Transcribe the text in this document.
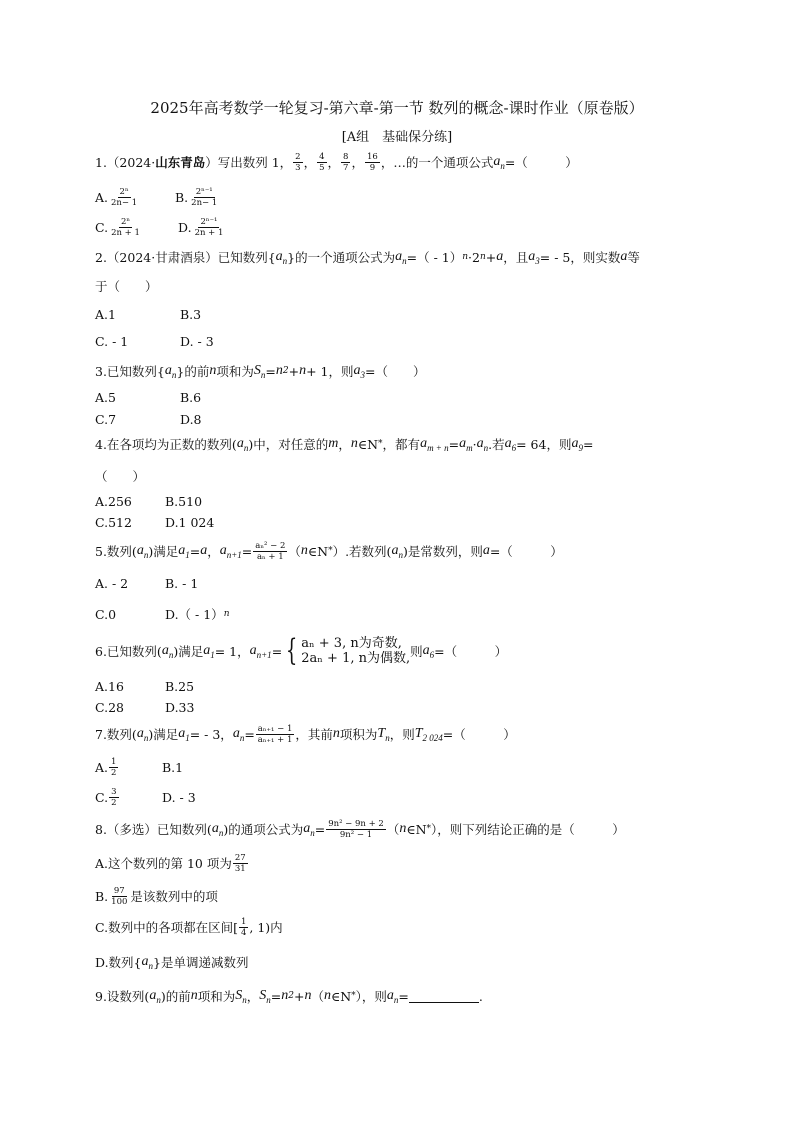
2025年高考数学一轮复习-第六章-第一节 数列的概念-课时作业（原卷版）
[A组　基础保分练]
1.（2024· 山东青岛 ）写出数列 1， $\frac{2}{3}$ ， $\frac{4}{5}$ ， $\frac{8}{7}$ ， $\frac{16}{9}$ ，…的一个通项公式 $a_n$ =（　　　）
A. $\frac{\text{2ⁿ}}{2n- 1}$	B. $\frac{\text{2ⁿ⁻¹}}{2n- 1}$
C. $\frac{\text{2ⁿ}}{2n + 1}$	D. $\frac{\text{2ⁿ⁻¹}}{2n + 1}$
2.（2024·甘肃酒泉）已知数列{ $a_n$ }的一个通项公式为 $a_n$ =（ - 1） n ·2 n + a ，且 $a_3$ = - 5，则实数 a 等
于（　　）
A.1	B.3
C. - 1	D. - 3
3.已知数列{ $a_n$ }的前 n 项和为 $S_n = n$ 2 + n + 1，则 $a_3$ =（　　）
A.5	B.6
C.7	D.8
4.在各项均为正数的数列( $a_n$ )中，对任意的 m ， n ∈N * ，都有 $a_{m + n} = a_m \cdot a_n$ .若 $a_6 = 64$，则 $a_9$ =
（　　）
A.256	B.510
C.512	D.1 024
5.数列( $a_n$ )满足 $a_1 = a$ ， $a_{n+1} = \frac{\text{aₙ² − 2}}{\text{aₙ + 1}}$ （ n ∈N * ）.若数列( $a_n$ )是常数列，则 a =（　　　）
A. - 2	B. - 1
C.0	D.（ - 1） n
6.已知数列( $a_n$ )满足 $a_1 = 1$， $a_{n+1}$ = { aₙ + 3, n为奇数,
2aₙ + 1, n为偶数, 则 $a_6$ =（　　　）
A.16	B.25
C.28	D.33
7.数列( $a_n$ )满足 $a_1$ = - 3， $a_n = \frac{\text{aₙ₊₁ − 1}}{\text{aₙ₊₁ + 1}}$ ，其前 n 项积为 $T_n$ ，则 $T_{2 024}$ =（　　　）
A. $\frac{1}{2}$	B.1
C. $\frac{3}{2}$	D. - 3
8.（多选）已知数列( $a_n$ )的通项公式为 $a_n = \frac{\text{9n² − 9n + 2}}{\text{9n² − 1}}$ （ n ∈N * ），则下列结论正确的是（　　　）
A.这个数列的第 10 项为 $\frac{27}{31}$
B. $\frac{97}{100}$ 是该数列中的项
C.数列中的各项都在区间 [ $\frac{1}{4}$ , 1)内
D.数列{ $a_n$ }是单调递减数列
9.设数列( $a_n$ )的前 n 项和为 $S_n$ ， $S_n = n$ 2 + n （ n ∈N * ），则 $a_n$ =	.
